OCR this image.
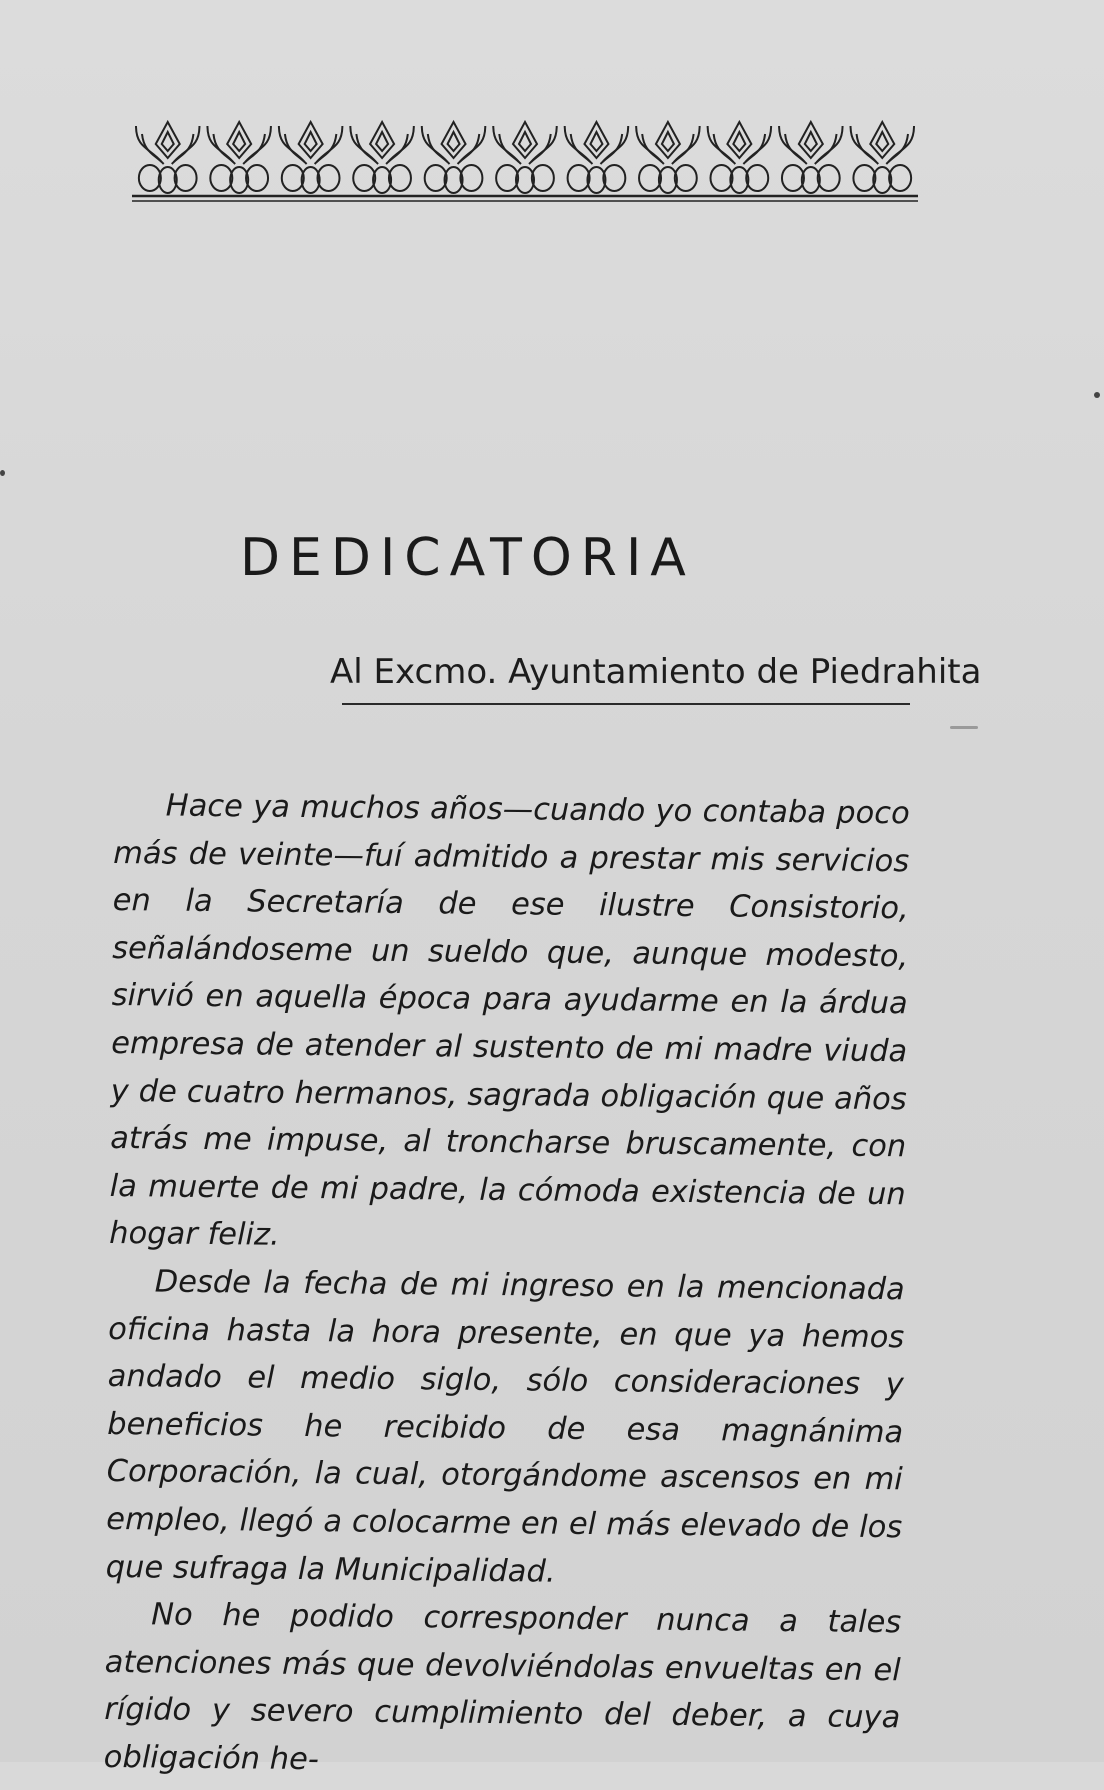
DEDICATORIA
Al Excmo. Ayuntamiento de Piedrahita

Hace ya muchos años—cuando yo contaba poco más de veinte—fuí admitido a prestar mis servicios en la Secretaría de ese ilustre Consistorio, señalándoseme un sueldo que, aunque modesto, sirvió en aquella época para ayudarme en la árdua empresa de atender al sustento de mi madre viuda y de cuatro hermanos, sagrada obligación que años atrás me impuse, al troncharse bruscamente, con la muerte de mi padre, la cómoda existencia de un hogar feliz.

Desde la fecha de mi ingreso en la mencionada oficina hasta la hora presente, en que ya hemos andado el medio siglo, sólo consideraciones y beneficios he recibido de esa magnánima Corporación, la cual, otorgándome ascensos en mi empleo, llegó a colocarme en el más elevado de los que sufraga la Municipalidad.

No he podido corresponder nunca a tales atenciones más que devolviéndolas envueltas en el rígido y severo cumplimiento del deber, a cuya obligación he-
